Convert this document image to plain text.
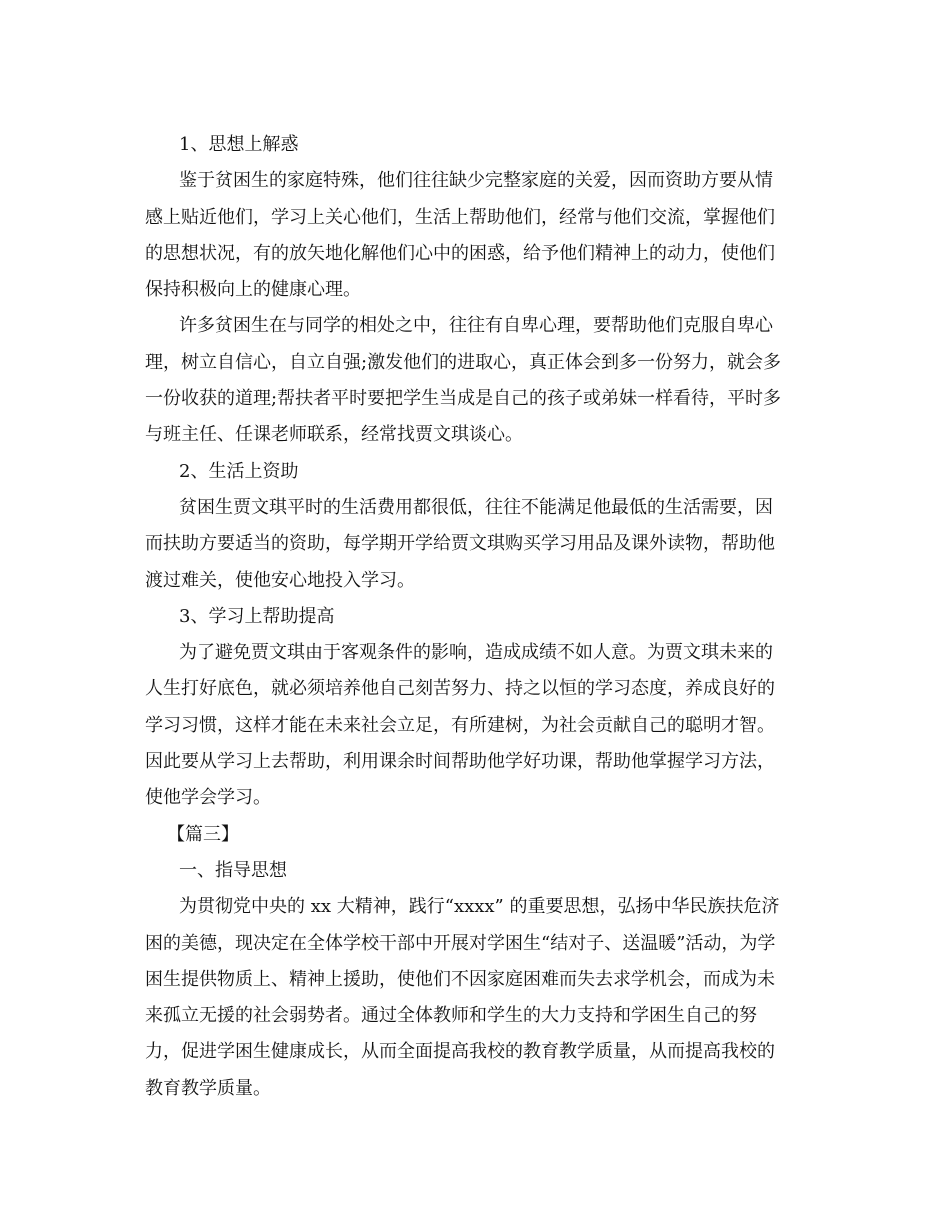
1、思想上解惑
鉴于贫困生的家庭特殊，他们往往缺少完整家庭的关爱，因而资助方要从情
感上贴近他们，学习上关心他们，生活上帮助他们，经常与他们交流，掌握他们
的思想状况，有的放矢地化解他们心中的困惑，给予他们精神上的动力，使他们
保持积极向上的健康心理。
许多贫困生在与同学的相处之中，往往有自卑心理，要帮助他们克服自卑心
理，树立自信心，自立自强;激发他们的进取心，真正体会到多一份努力，就会多
一份收获的道理;帮扶者平时要把学生当成是自己的孩子或弟妹一样看待，平时多
与班主任、任课老师联系，经常找贾文琪谈心。
2、生活上资助
贫困生贾文琪平时的生活费用都很低，往往不能满足他最低的生活需要，因
而扶助方要适当的资助，每学期开学给贾文琪购买学习用品及课外读物，帮助他
渡过难关，使他安心地投入学习。
3、学习上帮助提高
为了避免贾文琪由于客观条件的影响，造成成绩不如人意。为贾文琪未来的
人生打好底色，就必须培养他自己刻苦努力、持之以恒的学习态度，养成良好的
学习习惯，这样才能在未来社会立足，有所建树，为社会贡献自己的聪明才智。
因此要从学习上去帮助，利用课余时间帮助他学好功课，帮助他掌握学习方法，
使他学会学习。
【篇三】
一、指导思想
为贯彻党中央的 xx 大精神，践行“xxxx” 的重要思想，弘扬中华民族扶危济
困的美德，现决定在全体学校干部中开展对学困生“结对子、送温暖”活动，为学
困生提供物质上、精神上援助，使他们不因家庭困难而失去求学机会，而成为未
来孤立无援的社会弱势者。通过全体教师和学生的大力支持和学困生自己的努
力，促进学困生健康成长，从而全面提高我校的教育教学质量，从而提高我校的
教育教学质量。
